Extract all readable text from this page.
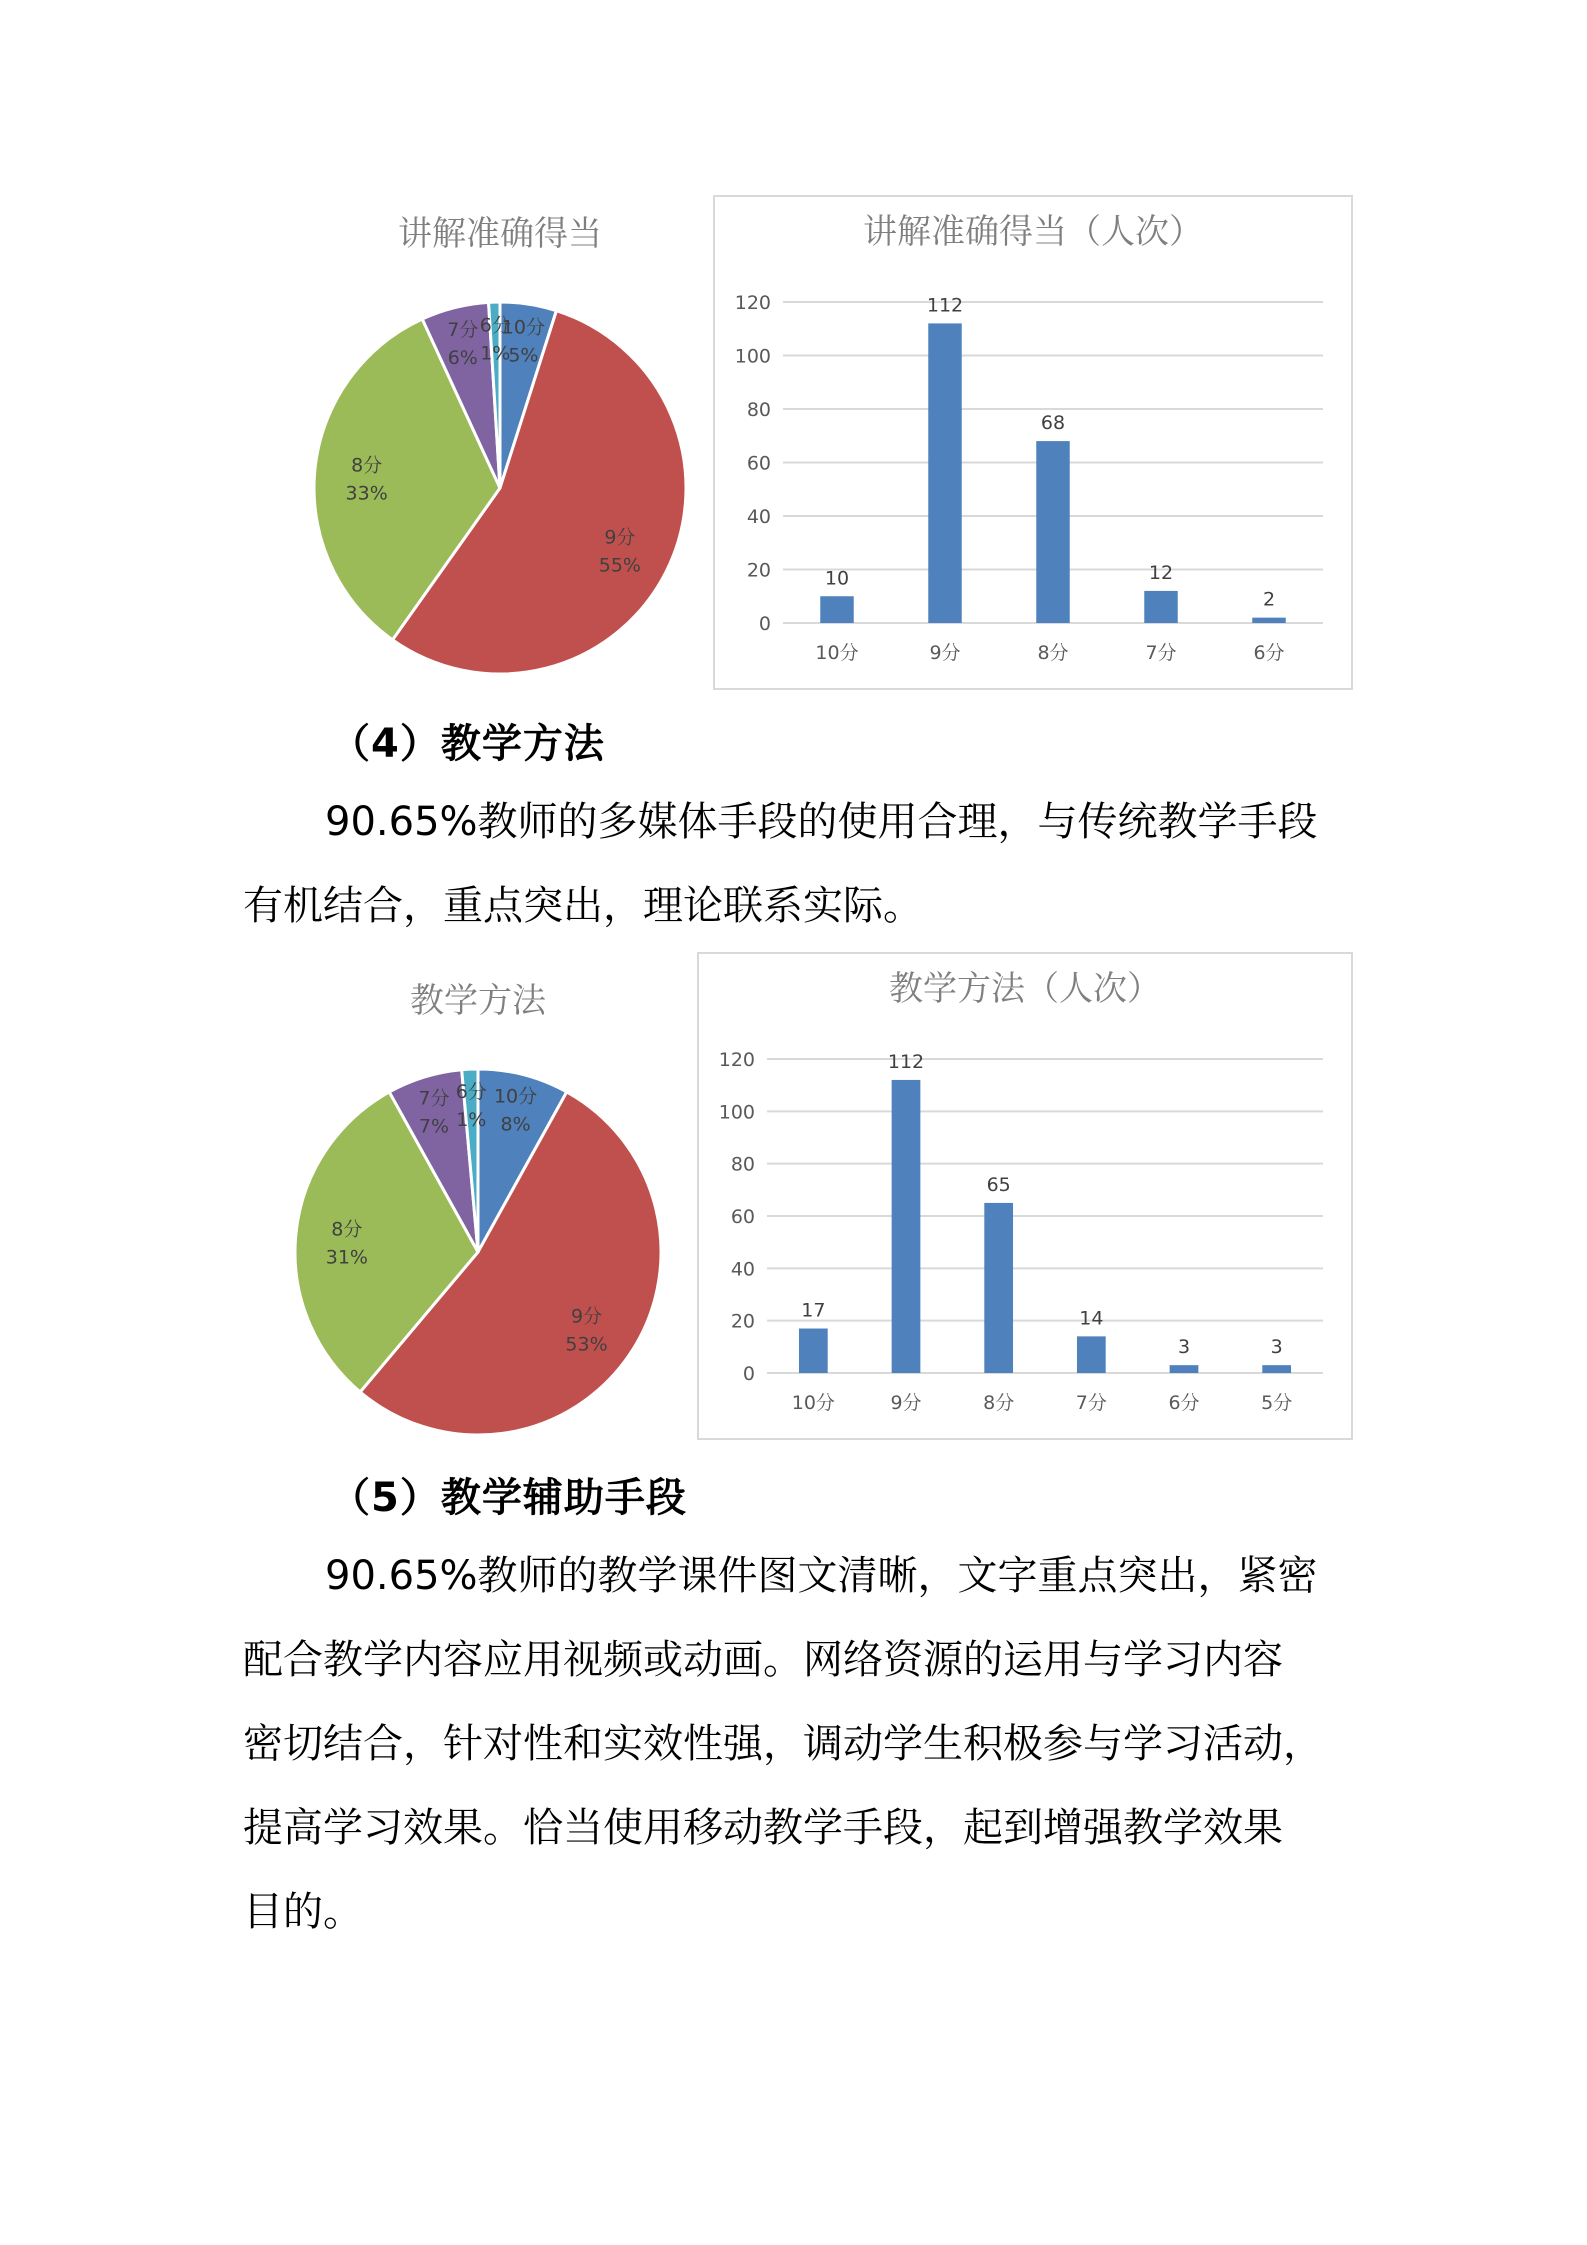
讲解准确得当
10分
5%
9分
55%
8分
33%
7分
6%
6分
1%
讲解准确得当（人次）
0
20
40
60
80
100
120
10
10分
112
9分
68
8分
12
7分
2
6分
（4）教学方法
90.65%教师的多媒体手段的使用合理，与传统教学手段
有机结合，重点突出，理论联系实际。
教学方法
10分
8%
9分
53%
8分
31%
7分
7%
6分
1%
教学方法（人次）
0
20
40
60
80
100
120
17
10分
112
9分
65
8分
14
7分
3
6分
3
5分
（5）教学辅助手段
90.65%教师的教学课件图文清晰，文字重点突出，紧密
配合教学内容应用视频或动画。网络资源的运用与学习内容
密切结合，针对性和实效性强，调动学生积极参与学习活动，
提高学习效果。恰当使用移动教学手段，起到增强教学效果
目的。
